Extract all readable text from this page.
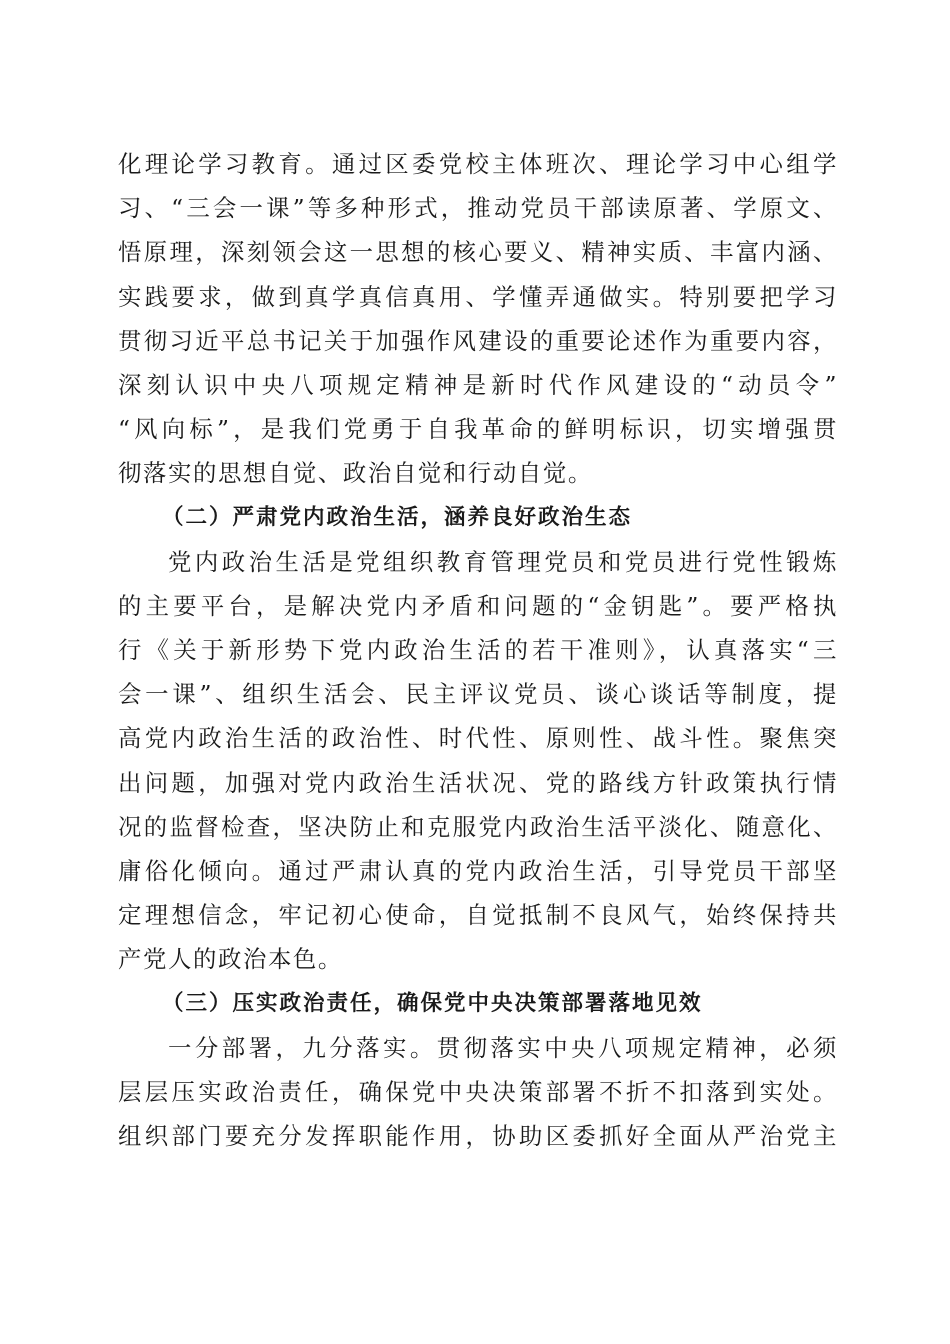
化理论学习教育。通过区委党校主体班次、理论学习中心组学
习、“三会一课”等多种形式，推动党员干部读原著、学原文、
悟原理，深刻领会这一思想的核心要义、精神实质、丰富内涵、
实践要求，做到真学真信真用、学懂弄通做实。特别要把学习
贯彻习近平总书记关于加强作风建设的重要论述作为重要内容，
深刻认识中央八项规定精神是新时代作风建设的“动员令”
“风向标”，是我们党勇于自我革命的鲜明标识，切实增强贯
彻落实的思想自觉、政治自觉和行动自觉。
（二）严肃党内政治生活，涵养良好政治生态
党内政治生活是党组织教育管理党员和党员进行党性锻炼
的主要平台，是解决党内矛盾和问题的“金钥匙”。要严格执
行《关于新形势下党内政治生活的若干准则》，认真落实“三
会一课”、组织生活会、民主评议党员、谈心谈话等制度，提
高党内政治生活的政治性、时代性、原则性、战斗性。聚焦突
出问题，加强对党内政治生活状况、党的路线方针政策执行情
况的监督检查，坚决防止和克服党内政治生活平淡化、随意化、
庸俗化倾向。通过严肃认真的党内政治生活，引导党员干部坚
定理想信念，牢记初心使命，自觉抵制不良风气，始终保持共
产党人的政治本色。
（三）压实政治责任，确保党中央决策部署落地见效
一分部署，九分落实。贯彻落实中央八项规定精神，必须
层层压实政治责任，确保党中央决策部署不折不扣落到实处。
组织部门要充分发挥职能作用，协助区委抓好全面从严治党主
